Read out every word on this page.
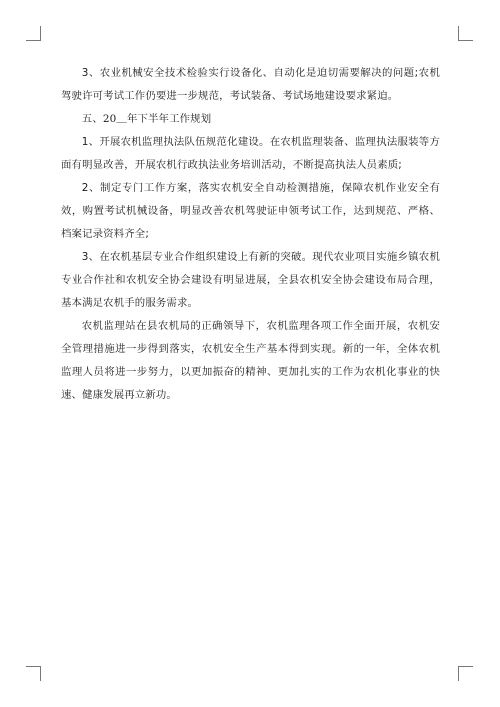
3、农业机械安全技术检验实行设备化、自动化是迫切需要解决的问题;农机驾驶许可考试工作仍要进一步规范，考试装备、考试场地建设要求紧迫。

五、20＿年下半年工作规划

1、开展农机监理执法队伍规范化建设。在农机监理装备、监理执法服装等方面有明显改善，开展农机行政执法业务培训活动，不断提高执法人员素质;

2、制定专门工作方案，落实农机安全自动检测措施，保障农机作业安全有效，购置考试机械设备，明显改善农机驾驶证申领考试工作，达到规范、严格、档案记录资料齐全;

3、在农机基层专业合作组织建设上有新的突破。现代农业项目实施乡镇农机专业合作社和农机安全协会建设有明显进展，全县农机安全协会建设布局合理，基本满足农机手的服务需求。

农机监理站在县农机局的正确领导下，农机监理各项工作全面开展，农机安全管理措施进一步得到落实，农机安全生产基本得到实现。新的一年，全体农机监理人员将进一步努力，以更加振奋的精神、更加扎实的工作为农机化事业的快速、健康发展再立新功。
